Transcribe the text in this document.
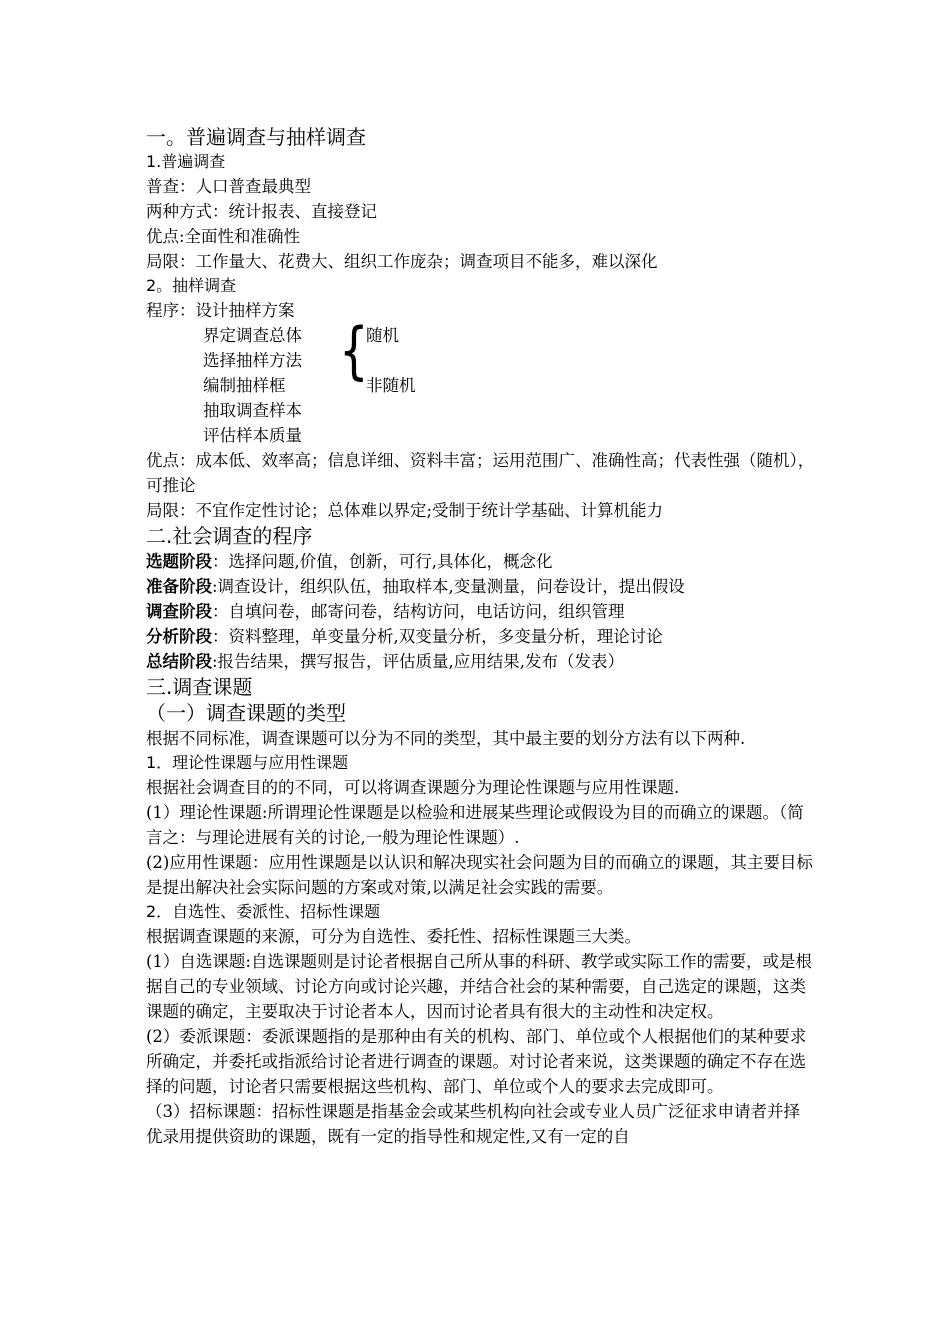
一。普遍调查与抽样调查
1.普遍调查
普查：人口普查最典型
两种方式：统计报表、直接登记
优点:全面性和准确性
局限：工作量大、花费大、组织工作庞杂；调查项目不能多，难以深化
2。抽样调查
程序：设计抽样方案
界定调查总体
选择抽样方法
编制抽样框
抽取调查样本
评估样本质量
{
随机
非随机
优点：成本低、效率高；信息详细、资料丰富；运用范围广、准确性高；代表性强（随机），可推论
局限：不宜作定性讨论；总体难以界定;受制于统计学基础、计算机能力
二.社会调查的程序
选题阶段：选择问题,价值，创新，可行,具体化，概念化
准备阶段:调查设计，组织队伍，抽取样本,变量测量，问卷设计，提出假设
调查阶段：自填问卷，邮寄问卷，结构访问，电话访问，组织管理
分析阶段：资料整理，单变量分析,双变量分析，多变量分析，理论讨论
总结阶段:报告结果，撰写报告，评估质量,应用结果,发布（发表）
三.调查课题
（一）调查课题的类型
根据不同标准，调查课题可以分为不同的类型，其中最主要的划分方法有以下两种.
1．理论性课题与应用性课题
根据社会调查目的的不同，可以将调查课题分为理论性课题与应用性课题.
(1）理论性课题:所谓理论性课题是以检验和进展某些理论或假设为目的而确立的课题。（简言之：与理论进展有关的讨论,一般为理论性课题）.
(2)应用性课题：应用性课题是以认识和解决现实社会问题为目的而确立的课题，其主要目标是提出解决社会实际问题的方案或对策,以满足社会实践的需要。
2．自选性、委派性、招标性课题
根据调查课题的来源，可分为自选性、委托性、招标性课题三大类。
(1）自选课题:自选课题则是讨论者根据自己所从事的科研、教学或实际工作的需要，或是根据自己的专业领域、讨论方向或讨论兴趣，并结合社会的某种需要，自己选定的课题，这类课题的确定，主要取决于讨论者本人，因而讨论者具有很大的主动性和决定权。
(2）委派课题：委派课题指的是那种由有关的机构、部门、单位或个人根据他们的某种要求所确定，并委托或指派给讨论者进行调查的课题。对讨论者来说，这类课题的确定不存在选择的问题，讨论者只需要根据这些机构、部门、单位或个人的要求去完成即可。
（3）招标课题：招标性课题是指基金会或某些机构向社会或专业人员广泛征求申请者并择优录用提供资助的课题，既有一定的指导性和规定性,又有一定的自
